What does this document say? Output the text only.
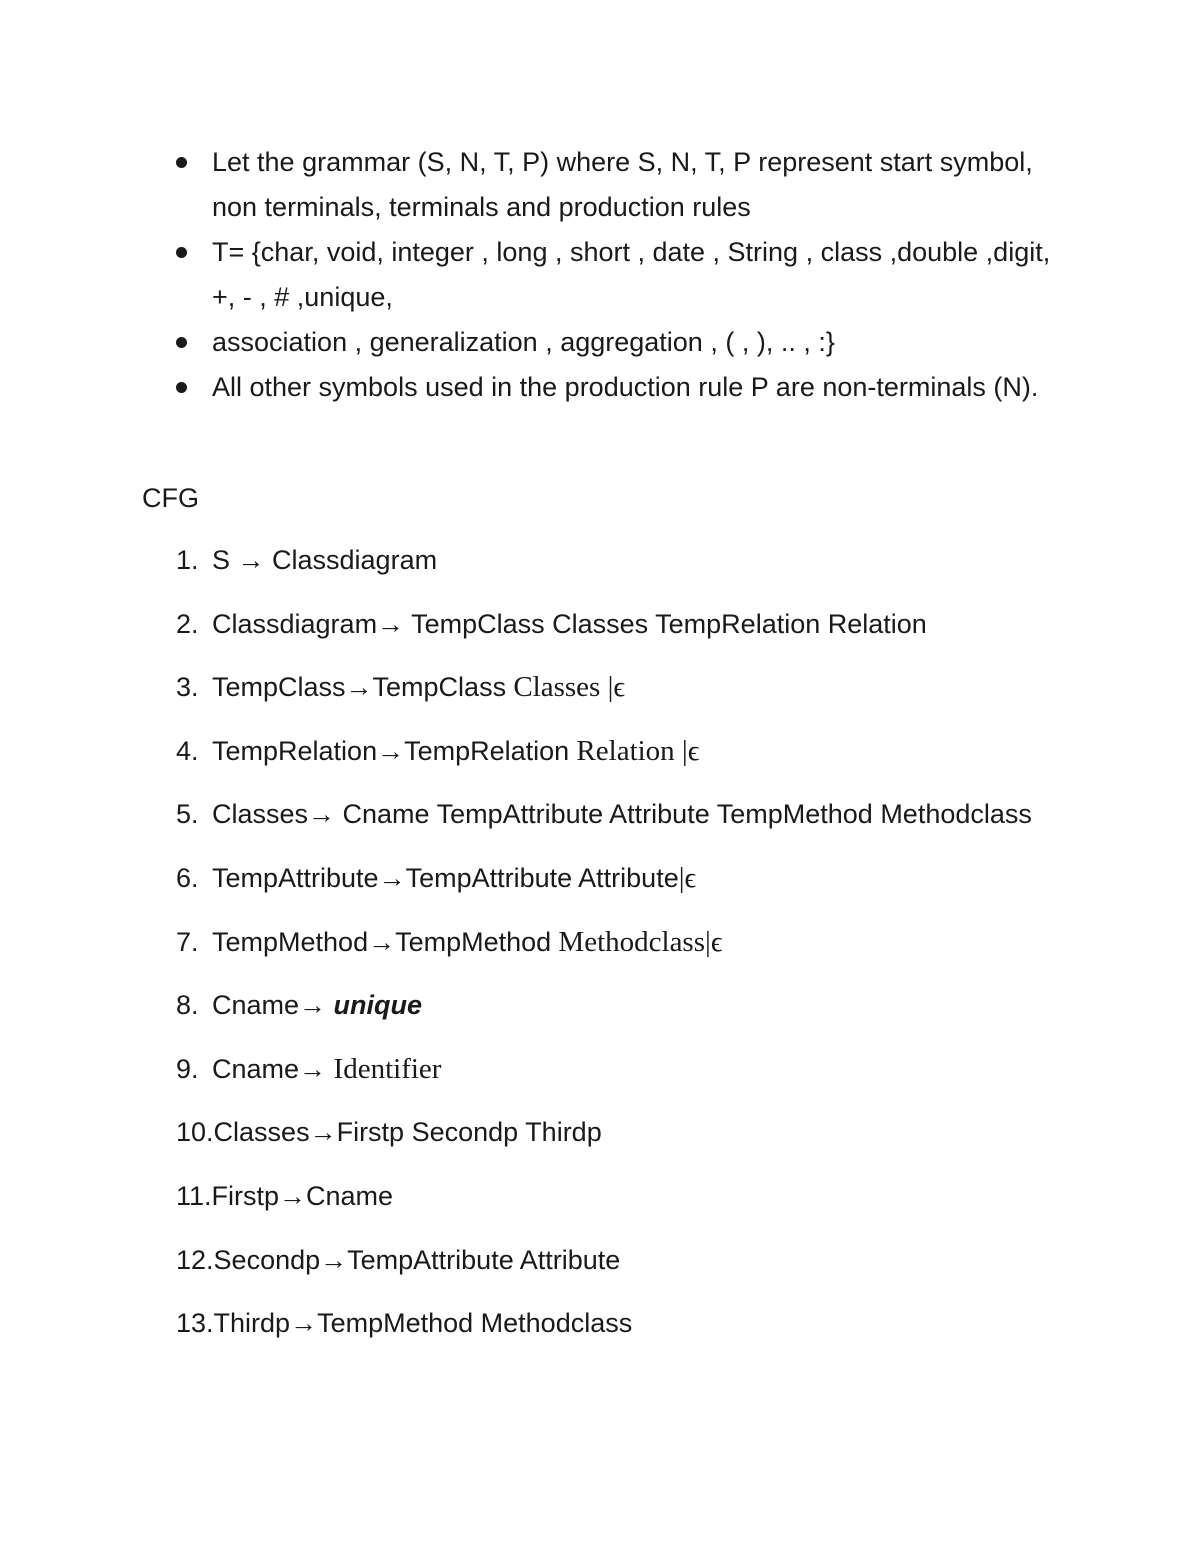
Let the grammar (S, N, T, P) where S, N, T, P represent start symbol, non terminals, terminals and production rules
T= {char, void, integer , long , short , date , String , class ,double ,digit, +, - , # ,unique,
association , generalization , aggregation , ( , ), .. , :}
All other symbols used in the production rule P are non-terminals (N).
CFG
1. S → Classdiagram
2. Classdiagram→ TempClass Classes TempRelation Relation
3. TempClass→TempClass Classes |ϵ
4. TempRelation→TempRelation Relation |ϵ
5. Classes→ Cname TempAttribute Attribute TempMethod Methodclass
6. TempAttribute→TempAttribute Attribute|ϵ
7. TempMethod→TempMethod Methodclass|ϵ
8. Cname→ unique
9. Cname→ Identifier
10.Classes→Firstp Secondp Thirdp
11.Firstp→Cname
12.Secondp→TempAttribute Attribute
13.Thirdp→TempMethod Methodclass
